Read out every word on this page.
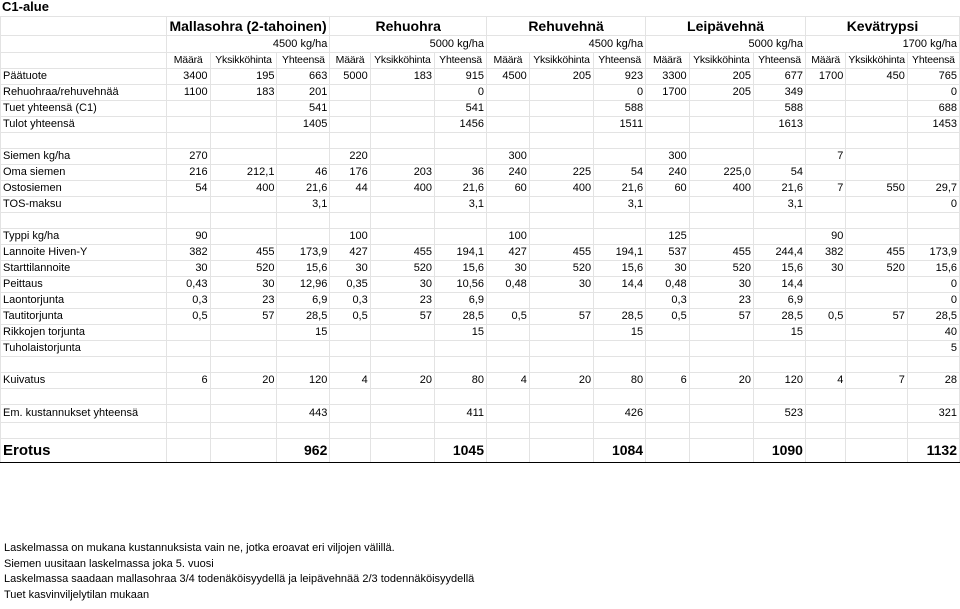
C1-alue
	Mallasohra (2-tahoinen)			Rehuohra			Rehuvehnä			Leipävehnä			Kevätrypsi		
	4500 kg/ha			5000 kg/ha			4500 kg/ha			5000 kg/ha			1700 kg/ha		
	Määrä	Yksikköhinta	Yhteensä	Määrä	Yksikköhinta	Yhteensä	Määrä	Yksikköhinta	Yhteensä	Määrä	Yksikköhinta	Yhteensä	Määrä	Yksikköhinta	Yhteensä
Päätuote	3400	195	663	5000	183	915	4500	205	923	3300	205	677	1700	450	765
Rehuohraa/rehuvehnää	1100	183	201			0			0	1700	205	349			0
Tuet yhteensä (C1)			541			541			588			588			688
Tulot yhteensä			1405			1456			1511			1613			1453

Siemen kg/ha	270			220			300			300			7		
Oma siemen	216	212,1	46	176	203	36	240	225	54	240	225,0	54			
Ostosiemen	54	400	21,6	44	400	21,6	60	400	21,6	60	400	21,6	7	550	29,7
TOS-maksu			3,1			3,1			3,1			3,1			0

Typpi kg/ha	90			100			100			125			90		
Lannoite Hiven-Y	382	455	173,9	427	455	194,1	427	455	194,1	537	455	244,4	382	455	173,9
Starttilannoite	30	520	15,6	30	520	15,6	30	520	15,6	30	520	15,6	30	520	15,6
Peittaus	0,43	30	12,96	0,35	30	10,56	0,48	30	14,4	0,48	30	14,4			0
Laontorjunta	0,3	23	6,9	0,3	23	6,9				0,3	23	6,9			0
Tautitorjunta	0,5	57	28,5	0,5	57	28,5	0,5	57	28,5	0,5	57	28,5	0,5	57	28,5
Rikkojen torjunta			15			15			15			15			40
Tuholaistorjunta															5

Kuivatus	6	20	120	4	20	80	4	20	80	6	20	120	4	7	28

Em. kustannukset yhteensä			443			411			426			523			321

Erotus			962			1045			1084			1090			1132
Laskelmassa on mukana kustannuksista vain ne, jotka eroavat eri viljojen välillä.
Siemen uusitaan laskelmassa joka 5. vuosi
Laskelmassa saadaan mallasohraa 3/4 todenäköisyydellä ja leipävehnää 2/3 todennäköisyydellä
Tuet kasvinviljelytilan mukaan
